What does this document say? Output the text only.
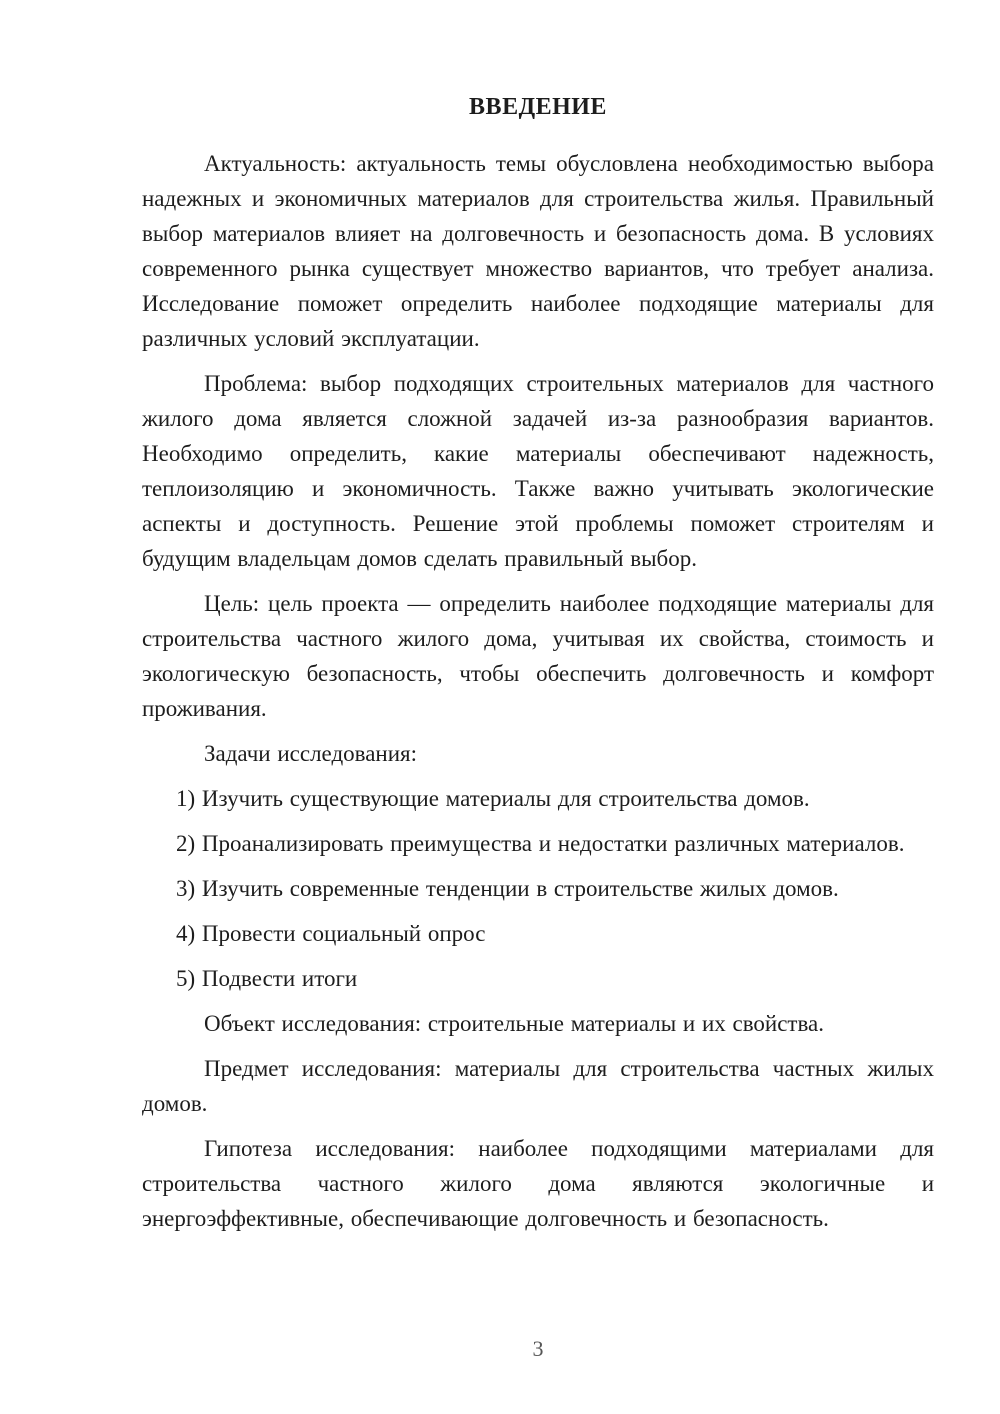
ВВЕДЕНИЕ

Актуальность: актуальность темы обусловлена необходимостью выбора надежных и экономичных материалов для строительства жилья. Правильный выбор материалов влияет на долговечность и безопасность дома. В условиях современного рынка существует множество вариантов, что требует анализа. Исследование поможет определить наиболее подходящие материалы для различных условий эксплуатации.

Проблема: выбор подходящих строительных материалов для частного жилого дома является сложной задачей из-за разнообразия вариантов. Необходимо определить, какие материалы обеспечивают надежность, теплоизоляцию и экономичность. Также важно учитывать экологические аспекты и доступность. Решение этой проблемы поможет строителям и будущим владельцам домов сделать правильный выбор.

Цель: цель проекта — определить наиболее подходящие материалы для строительства частного жилого дома, учитывая их свойства, стоимость и экологическую безопасность, чтобы обеспечить долговечность и комфорт проживания.

Задачи исследования:

1) Изучить существующие материалы для строительства домов.

2) Проанализировать преимущества и недостатки различных материалов.

3) Изучить современные тенденции в строительстве жилых домов.

4) Провести социальный опрос

5) Подвести итоги

Объект исследования: строительные материалы и их свойства.

Предмет исследования: материалы для строительства частных жилых домов.

Гипотеза исследования: наиболее подходящими материалами для строительства частного жилого дома являются экологичные и энергоэффективные, обеспечивающие долговечность и безопасность.

3
